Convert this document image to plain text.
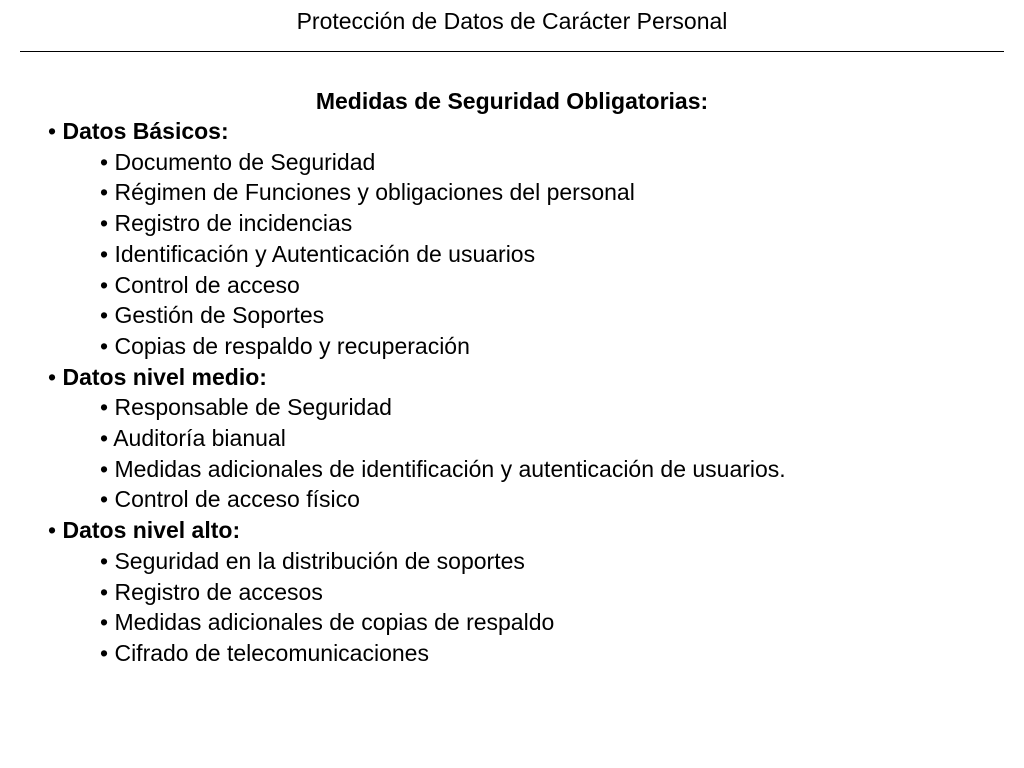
Protección de Datos de Carácter Personal
Medidas de Seguridad Obligatorias:
• Datos Básicos:
• Documento de Seguridad
• Régimen de Funciones y obligaciones del personal
• Registro de incidencias
• Identificación y Autenticación de usuarios
• Control de acceso
• Gestión de Soportes
• Copias de respaldo y recuperación
• Datos nivel medio:
• Responsable de Seguridad
• Auditoría bianual
• Medidas adicionales de identificación y autenticación de usuarios.
• Control de acceso físico
• Datos nivel alto:
• Seguridad en la distribución de soportes
• Registro de accesos
• Medidas adicionales de copias de respaldo
• Cifrado de telecomunicaciones
